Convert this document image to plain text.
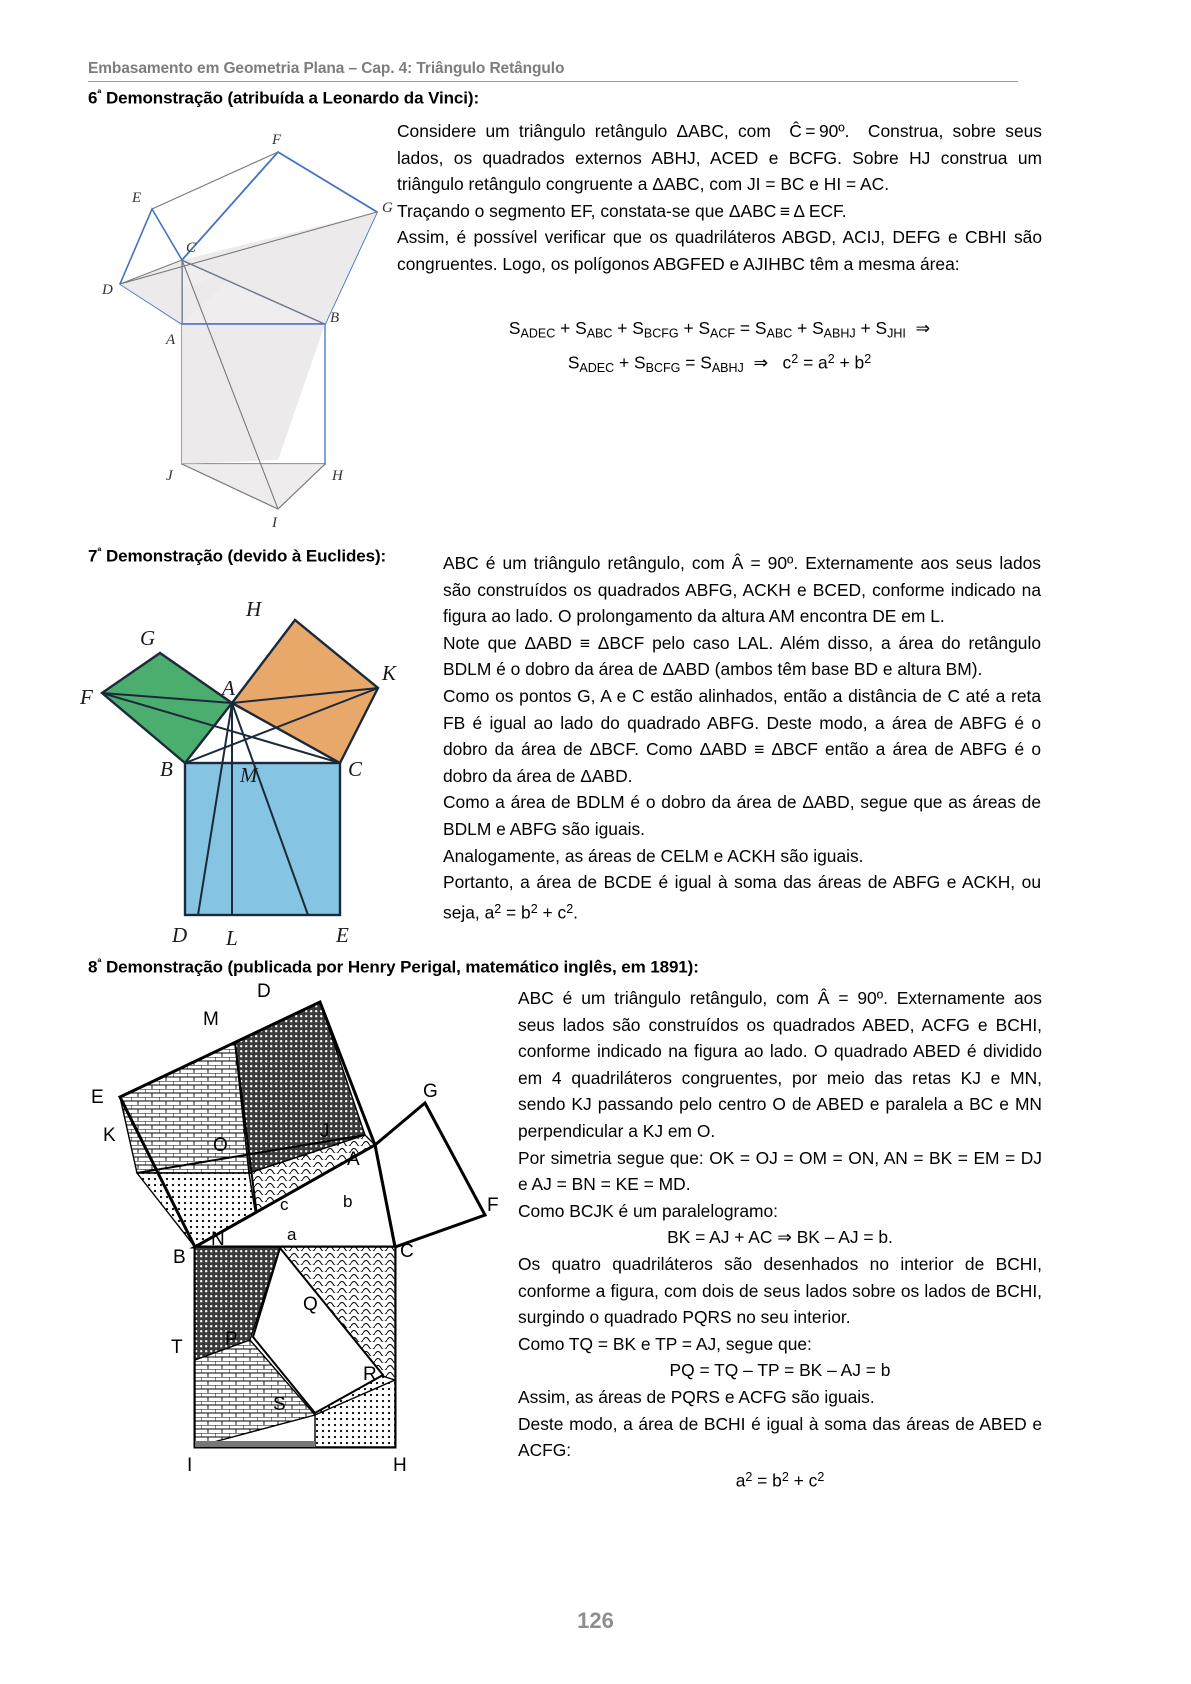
Embasamento em Geometria Plana – Cap. 4: Triângulo Retângulo
$6^ª$ Demonstração (atribuída a Leonardo da Vinci):
F
E
G
C
D
A
B
J	H
I

Considere um triângulo retângulo ΔABC, com  Ĉ = 90º.  Construa, sobre seus lados, os quadrados externos ABHJ, ACED e BCFG. Sobre HJ construa um triângulo retângulo congruente a ΔABC, com JI = BC e HI = AC.

Traçando o segmento EF, constata-se que ΔABC ≡ Δ ECF.

Assim, é possível verificar que os quadriláteros ABGD, ACIJ, DEFG e CBHI são congruentes. Logo, os polígonos ABGFED e AJIHBC têm a mesma área:

$S_{ADEC} + S_{ABC} + S_{BCFG} + S_{ACF} = S_{ABC} + S_{ABHJ} + S_{JHI}$  ⇒

$S_{ADEC} + S_{BCFG} = S_{ABHJ}$  ⇒   $c^2 = a^2 + b^2$

$7^ª$ Demonstração (devido à Euclides):
H
G
A
K
F
B	M	C
D L	E

ABC é um triângulo retângulo, com Â = 90º. Externamente aos seus lados são construídos os quadrados ABFG, ACKH e BCED, conforme indicado na figura ao lado. O prolongamento da altura AM encontra DE em L.

Note que ΔABD ≡ ΔBCF pelo caso LAL. Além disso, a área do retângulo BDLM é o dobro da área de ΔABD (ambos têm base BD e altura BM).

Como os pontos G, A e C estão alinhados, então a distância de C até a reta FB é igual ao lado do quadrado ABFG. Deste modo, a área de ABFG é o dobro da área de ΔBCF. Como ΔABD ≡ ΔBCF então a área de ABFG é o dobro da área de ΔABD.

Como a área de BDLM é o dobro da área de ΔABD, segue que as áreas de BDLM e ABFG são iguais.

Analogamente, as áreas de CELM e ACKH são iguais.

Portanto, a área de BCDE é igual à soma das áreas de ABFG e ACKH, ou seja, $a^2 = b^2 + c^2$.

$8^ª$ Demonstração (publicada por Henry Perigal, matemático inglês, em 1891):
D
M
E
K	O
J
A
G
F
N
B	C
c	b
a
Q
T P
R
S
I	H

ABC é um triângulo retângulo, com Â = 90º. Externamente aos seus lados são construídos os quadrados ABED, ACFG e BCHI, conforme indicado na figura ao lado. O quadrado ABED é dividido em 4 quadriláteros congruentes, por meio das retas KJ e MN, sendo KJ passando pelo centro O de ABED e paralela a BC e MN perpendicular a KJ em O.

Por simetria segue que: OK = OJ = OM = ON, AN = BK = EM = DJ e AJ = BN = KE = MD.

Como BCJK é um paralelogramo:

BK = AJ + AC ⇒ BK – AJ = b.

Os quatro quadriláteros são desenhados no interior de BCHI, conforme a figura, com dois de seus lados sobre os lados de BCHI, surgindo o quadrado PQRS no seu interior.

Como TQ = BK e TP = AJ, segue que:

PQ = TQ – TP = BK – AJ = b

Assim, as áreas de PQRS e ACFG são iguais.

Deste modo, a área de BCHI é igual à soma das áreas de ABED e ACFG:

$a^2 = b^2 + c^2$

126
